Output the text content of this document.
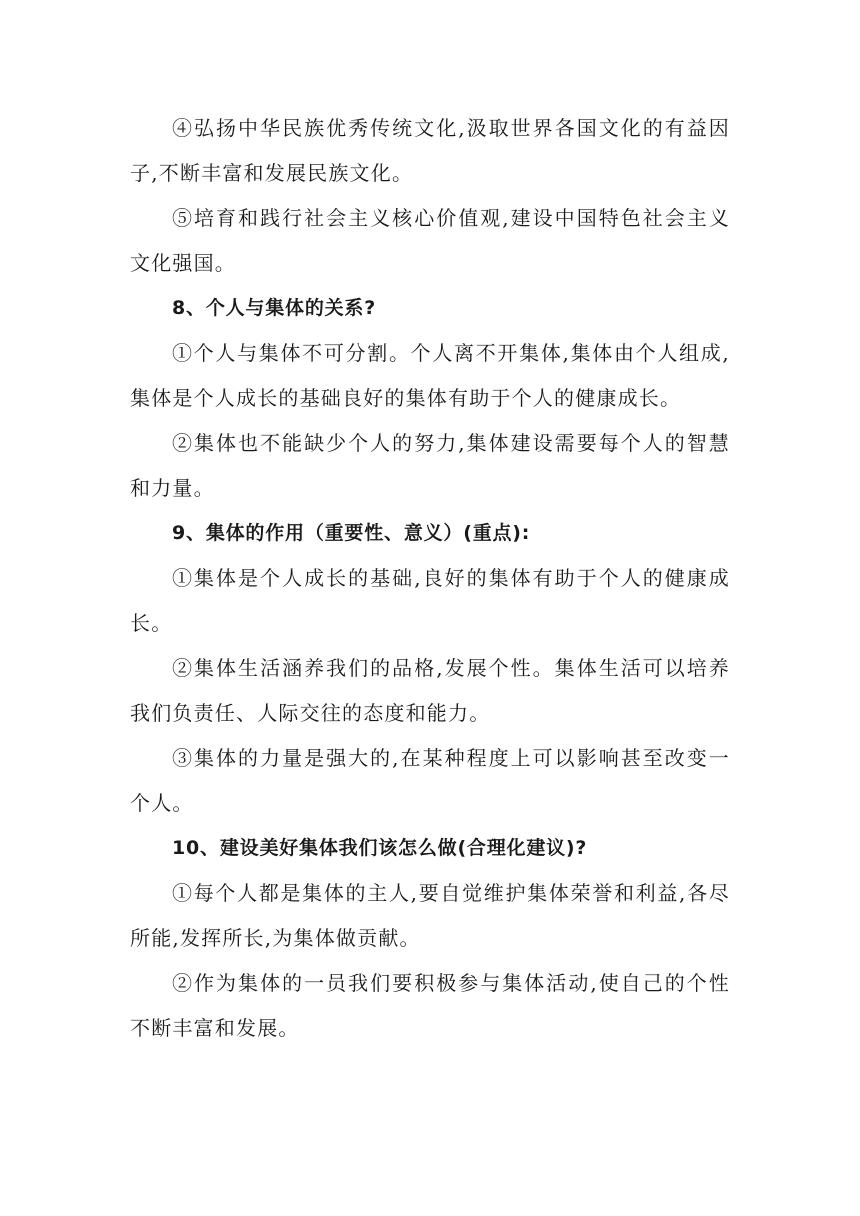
④弘扬中华民族优秀传统文化,汲取世界各国文化的有益因子,不断丰富和发展民族文化。

⑤培育和践行社会主义核心价值观,建设中国特色社会主义文化强国。

8、个人与集体的关系?

①个人与集体不可分割。个人离不开集体,集体由个人组成,集体是个人成长的基础良好的集体有助于个人的健康成长。

②集体也不能缺少个人的努力,集体建设需要每个人的智慧和力量。

9、集体的作用（重要性、意义）(重点):

①集体是个人成长的基础,良好的集体有助于个人的健康成长。

②集体生活涵养我们的品格,发展个性。集体生活可以培养我们负责任、人际交往的态度和能力。

③集体的力量是强大的,在某种程度上可以影响甚至改变一个人。

10、建设美好集体我们该怎么做(合理化建议)?

①每个人都是集体的主人,要自觉维护集体荣誉和利益,各尽所能,发挥所长,为集体做贡献。

②作为集体的一员我们要积极参与集体活动,使自己的个性不断丰富和发展。
